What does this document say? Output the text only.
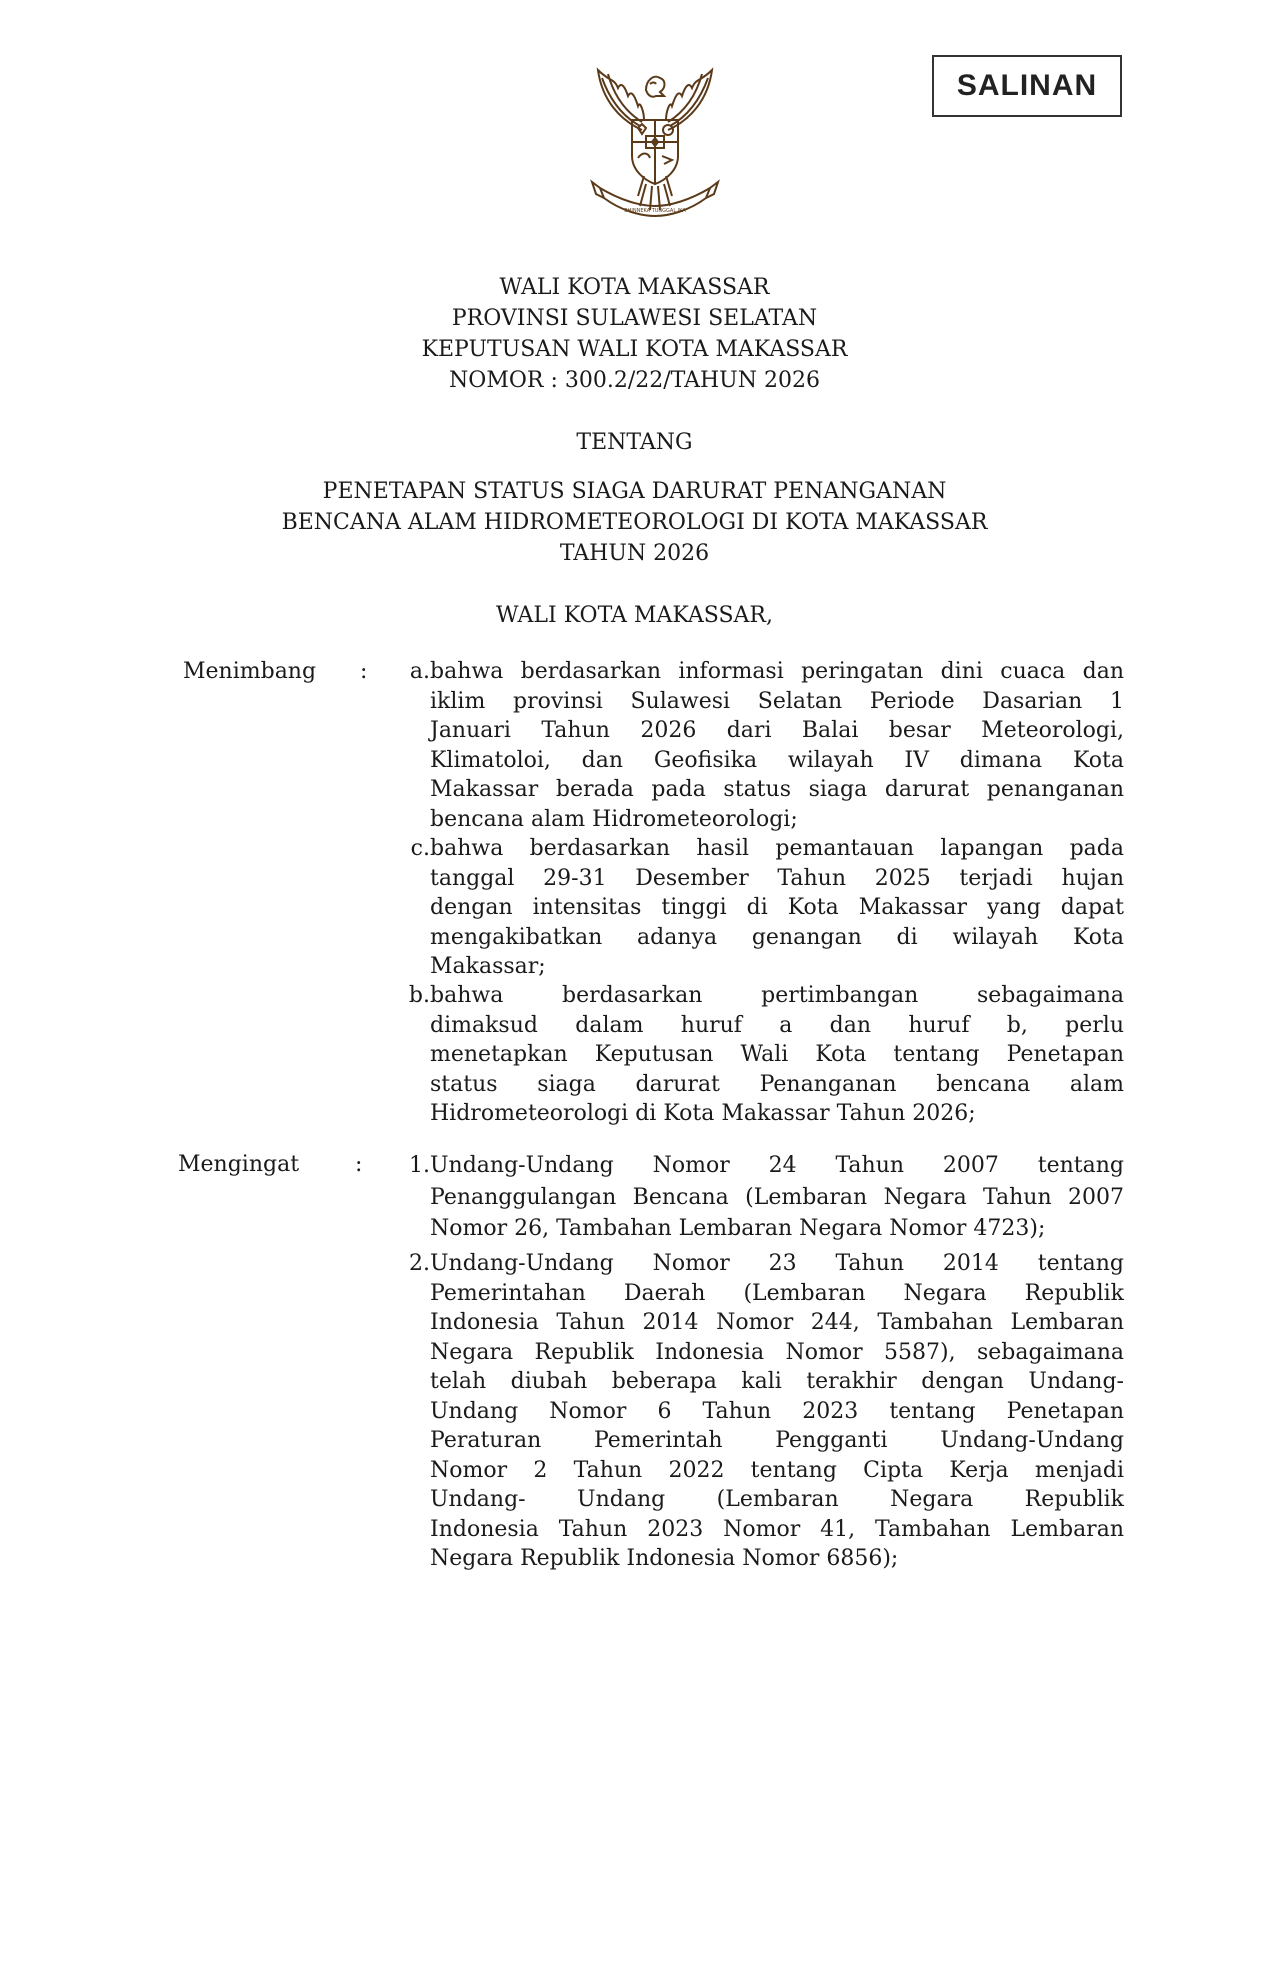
SALINAN
BHINNEKA TUNGGAL IKA
WALI KOTA MAKASSAR
PROVINSI SULAWESI SELATAN
KEPUTUSAN WALI KOTA MAKASSAR
NOMOR : 300.2/22/TAHUN 2026
TENTANG
PENETAPAN STATUS SIAGA DARURAT PENANGANAN
BENCANA ALAM HIDROMETEOROLOGI DI KOTA MAKASSAR
TAHUN 2026
WALI KOTA MAKASSAR,
Menimbang :	a. bahwa berdasarkan informasi peringatan dini cuaca dan
iklim provinsi Sulawesi Selatan Periode Dasarian 1
Januari Tahun 2026 dari Balai besar Meteorologi,
Klimatoloi, dan Geofisika wilayah IV dimana Kota
Makassar berada pada status siaga darurat penanganan
bencana alam Hidrometeorologi;
c. bahwa berdasarkan hasil pemantauan lapangan pada
tanggal 29-31 Desember Tahun 2025 terjadi hujan
dengan intensitas tinggi di Kota Makassar yang dapat
mengakibatkan adanya genangan di wilayah Kota
Makassar;
b. bahwa berdasarkan pertimbangan sebagaimana
dimaksud dalam huruf a dan huruf b, perlu
menetapkan Keputusan Wali Kota tentang Penetapan
status siaga darurat Penanganan bencana alam
Hidrometeorologi di Kota Makassar Tahun 2026;
Mengingat	:	1. Undang-Undang Nomor 24 Tahun 2007 tentang
Penanggulangan Bencana (Lembaran Negara Tahun 2007
Nomor 26, Tambahan Lembaran Negara Nomor 4723);
2. Undang-Undang Nomor 23 Tahun 2014 tentang
Pemerintahan Daerah (Lembaran Negara Republik
Indonesia Tahun 2014 Nomor 244, Tambahan Lembaran
Negara Republik Indonesia Nomor 5587), sebagaimana
telah diubah beberapa kali terakhir dengan Undang-
Undang Nomor 6 Tahun 2023 tentang Penetapan
Peraturan Pemerintah Pengganti Undang-Undang
Nomor 2 Tahun 2022 tentang Cipta Kerja menjadi
Undang- Undang (Lembaran Negara Republik
Indonesia Tahun 2023 Nomor 41, Tambahan Lembaran
Negara Republik Indonesia Nomor 6856);
